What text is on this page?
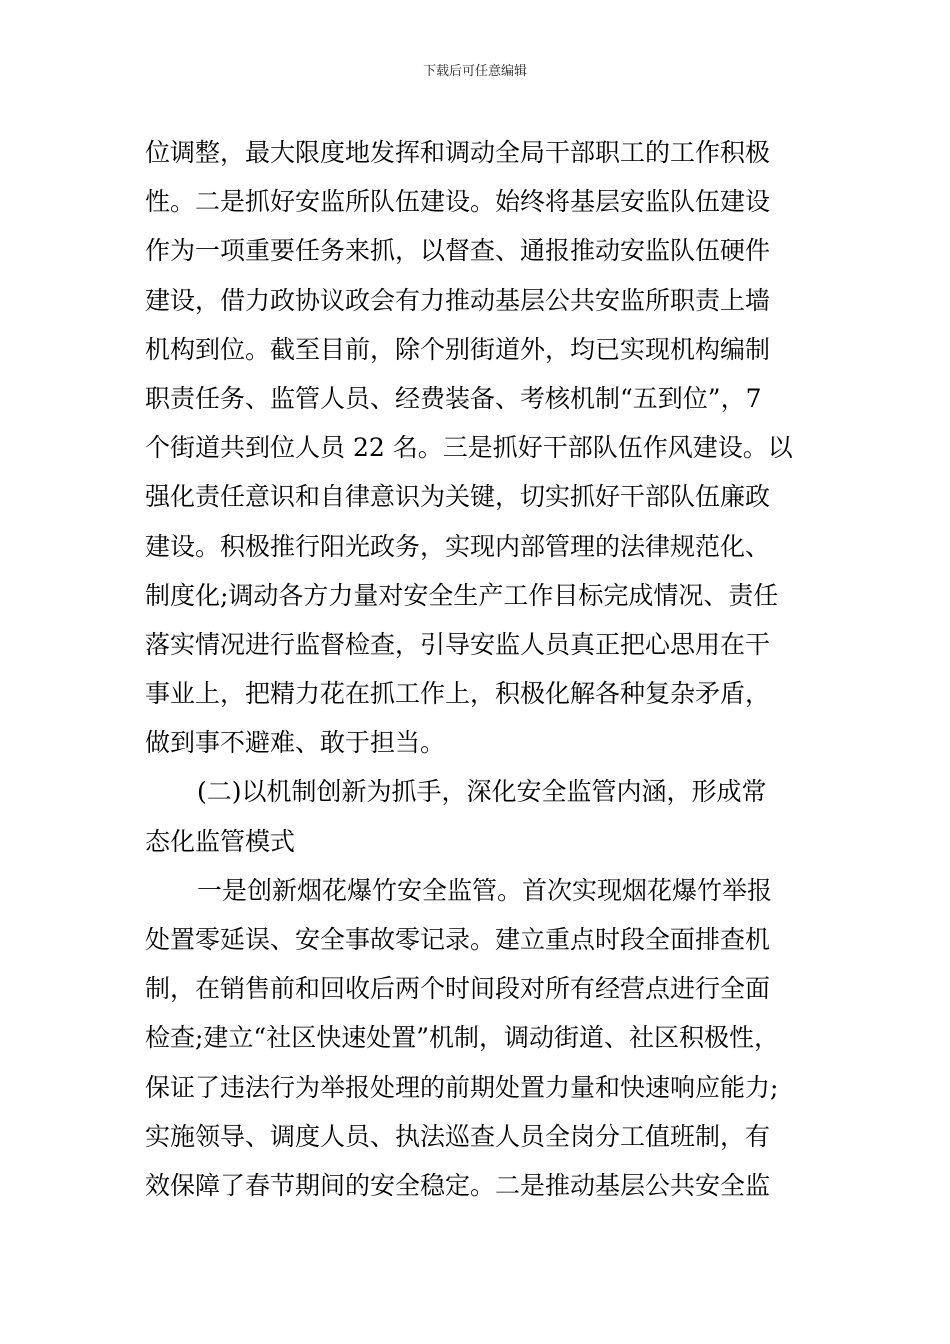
下载后可任意编辑
位调整，最大限度地发挥和调动全局干部职工的工作积极
性。二是抓好安监所队伍建设。始终将基层安监队伍建设
作为一项重要任务来抓，以督查、通报推动安监队伍硬件
建设，借力政协议政会有力推动基层公共安监所职责上墙
机构到位。截至目前，除个别街道外，均已实现机构编制
职责任务、监管人员、经费装备、考核机制“五到位”，7
个街道共到位人员 22 名。三是抓好干部队伍作风建设。以
强化责任意识和自律意识为关键，切实抓好干部队伍廉政
建设。积极推行阳光政务，实现内部管理的法律规范化、
制度化;调动各方力量对安全生产工作目标完成情况、责任
落实情况进行监督检查，引导安监人员真正把心思用在干
事业上，把精力花在抓工作上，积极化解各种复杂矛盾，
做到事不避难、敢于担当。
(二)以机制创新为抓手，深化安全监管内涵，形成常
态化监管模式
一是创新烟花爆竹安全监管。首次实现烟花爆竹举报
处置零延误、安全事故零记录。建立重点时段全面排查机
制，在销售前和回收后两个时间段对所有经营点进行全面
检查;建立“社区快速处置”机制，调动街道、社区积极性，
保证了违法行为举报处理的前期处置力量和快速响应能力;
实施领导、调度人员、执法巡查人员全岗分工值班制，有
效保障了春节期间的安全稳定。二是推动基层公共安全监
